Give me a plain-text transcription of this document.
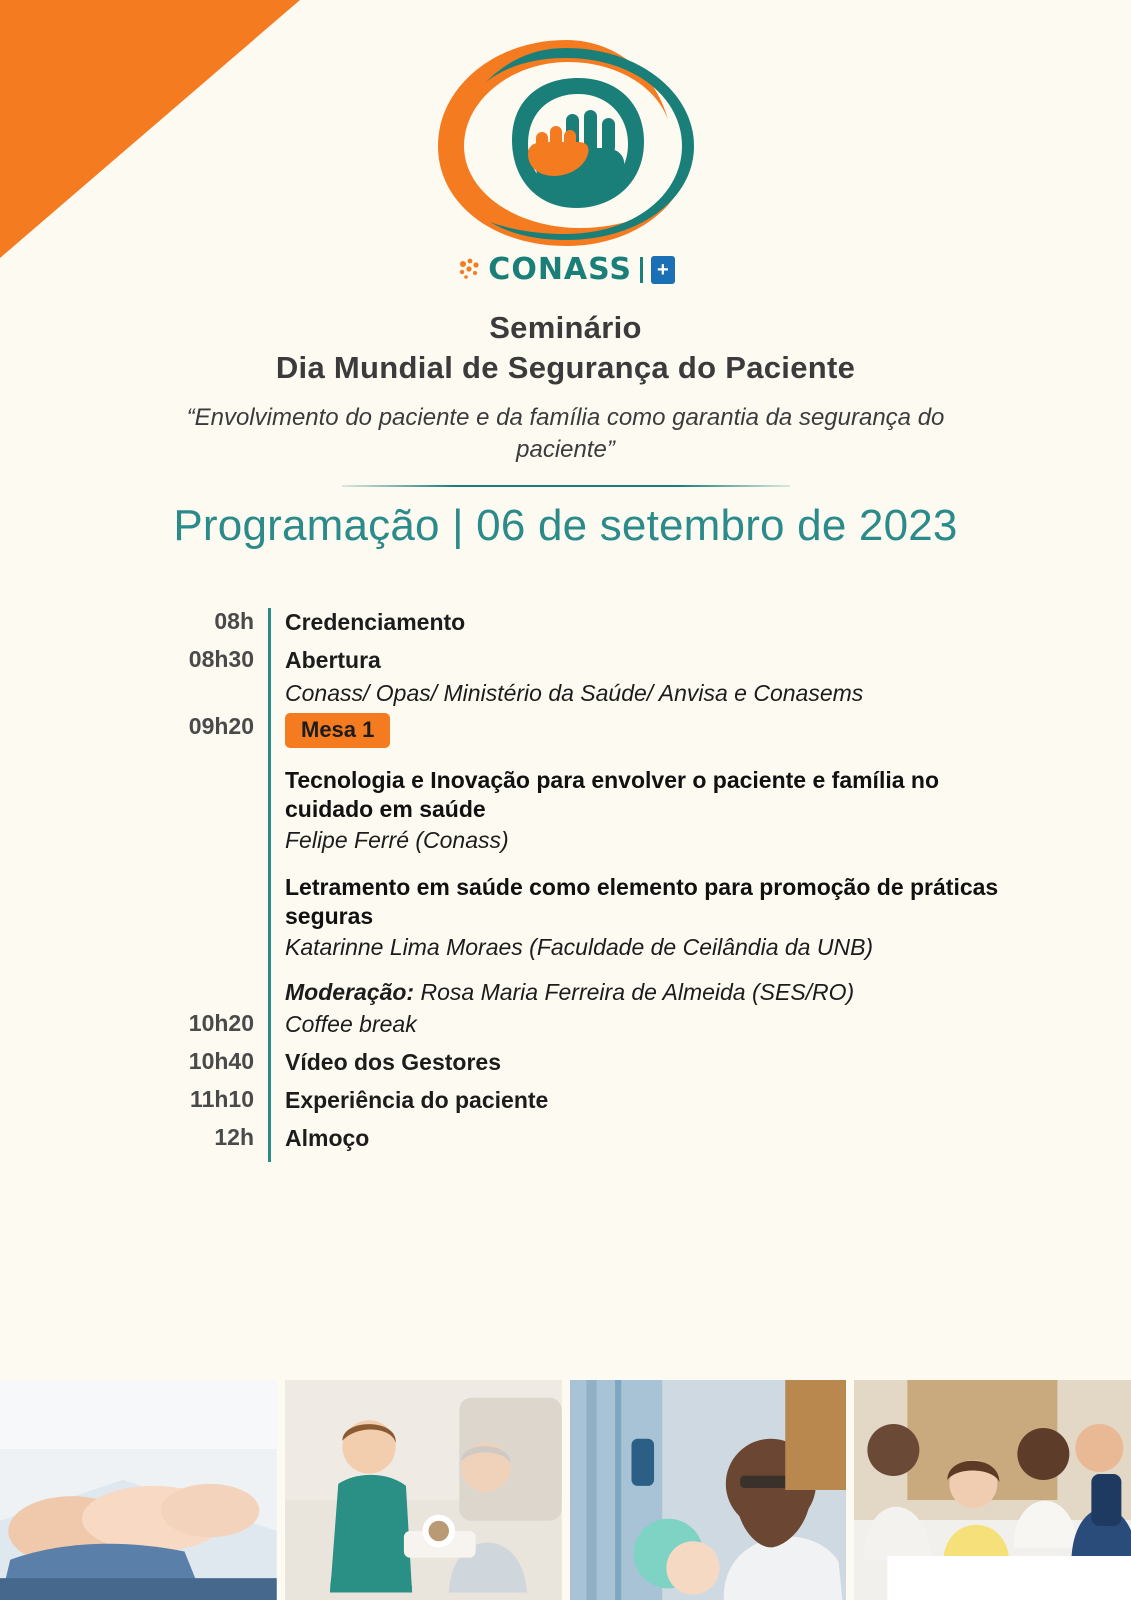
CONASS	+
Seminário
Dia Mundial de Segurança do Paciente
“Envolvimento do paciente e da família como garantia da segurança do paciente”
Programação | 06 de setembro de 2023
08h	Credenciamento
08h30	Abertura
Conass/ Opas/ Ministério da Saúde/ Anvisa e Conasems
09h20	Mesa 1
Tecnologia e Inovação para envolver o paciente e família no cuidado em saúde
Felipe Ferré (Conass)
Letramento em saúde como elemento para promoção de práticas seguras
Katarinne Lima Moraes (Faculdade de Ceilândia da UNB)
Moderação: Rosa Maria Ferreira de Almeida (SES/RO)
10h20	Coffee break
10h40	Vídeo dos Gestores
11h10	Experiência do paciente
12h	Almoço
